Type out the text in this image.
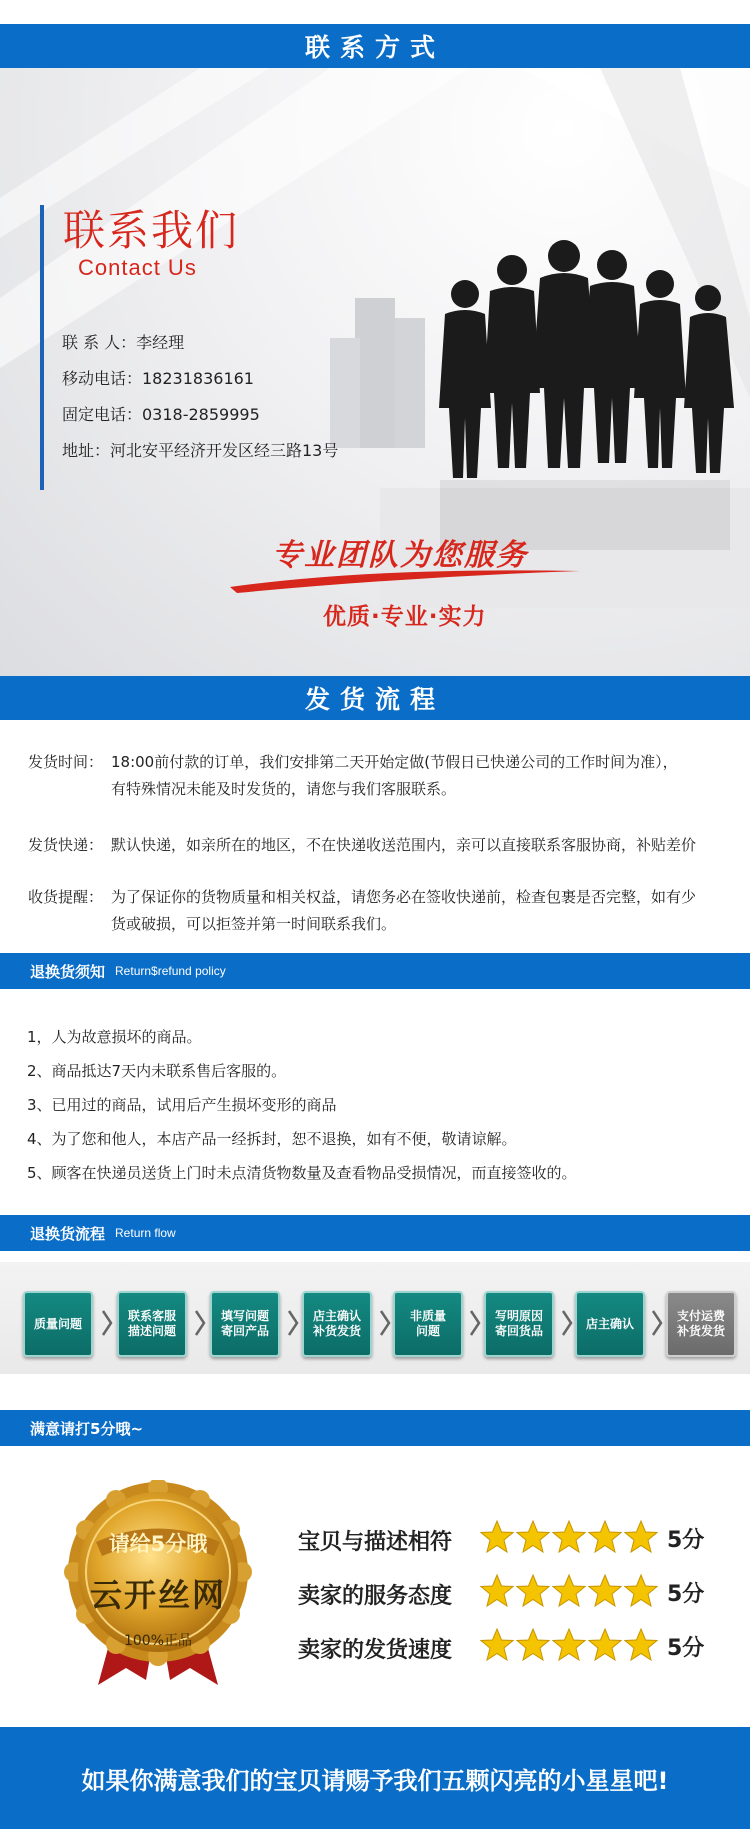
联系方式
联系我们
Contact Us
联 系 人：李经理
移动电话：18231836161
固定电话：0318-2859995
地址：河北安平经济开发区经三路13号
专业团队为您服务
优质·专业·实力
发货流程
发货时间： 18:00前付款的订单，我们安排第二天开始定做(节假日已快递公司的工作时间为准），
有特殊情况未能及时发货的，请您与我们客服联系。
发货快递： 默认快递，如亲所在的地区，不在快递收送范围内，亲可以直接联系客服协商，补贴差价
收货提醒： 为了保证你的货物质量和相关权益，请您务必在签收快递前，检查包裹是否完整，如有少
货或破损，可以拒签并第一时间联系我们。
退换货须知 Return$refund policy
1，人为故意损坏的商品。
2、商品抵达7天内未联系售后客服的。
3、已用过的商品，试用后产生损坏变形的商品
4、为了您和他人，本店产品一经拆封，恕不退换，如有不便，敬请谅解。
5、顾客在快递员送货上门时未点清货物数量及查看物品受损情况，而直接签收的。
退换货流程 Return flow
质量问题
联系客服
描述问题
填写问题
寄回产品
店主确认
补货发货
非质量
问题
写明原因
寄回货品
店主确认
支付运费
补货发货
满意请打5分哦~
请给5分哦
云开丝网
100%正品
宝贝与描述相符	5分
卖家的服务态度	5分
卖家的发货速度	5分
如果你满意我们的宝贝请赐予我们五颗闪亮的小星星吧!
